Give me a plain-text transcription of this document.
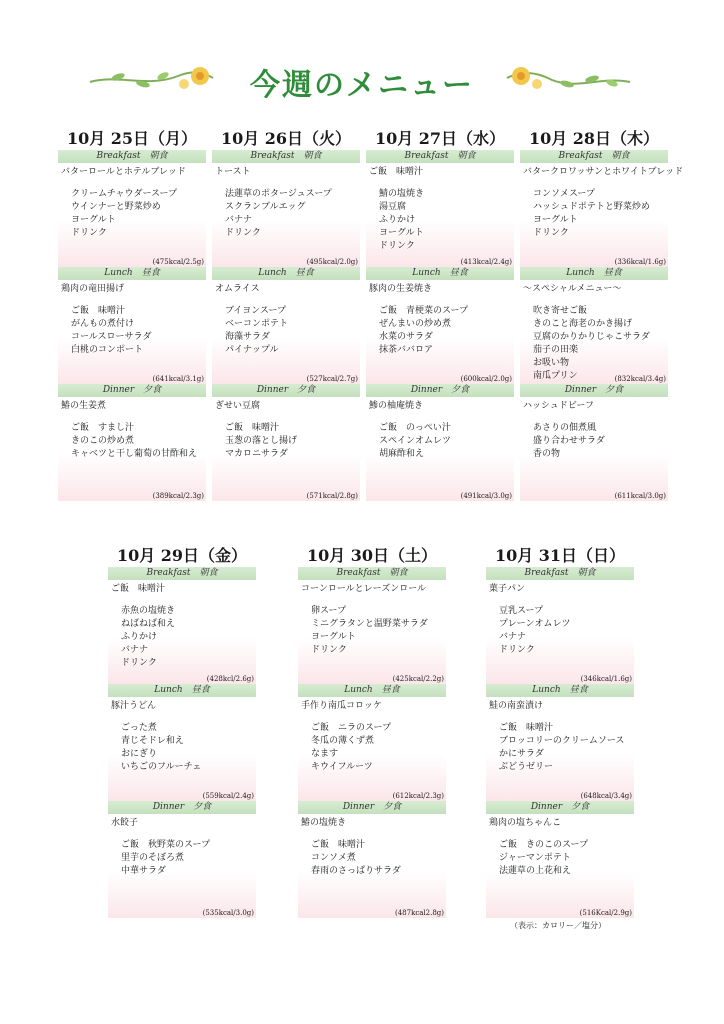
今週のメニュー
10月 25日（月）
Breakfast　朝食
バターロールとホテルブレッド
クリームチャウダースープ
ウインナーと野菜炒め
ヨーグルト
ドリンク
(475kcal/2.5g)
Lunch　昼食
鶏肉の竜田揚げ
ご飯　味噌汁
がんもの煮付け
コールスローサラダ
白桃のコンポート
(641kcal/3.1g)
Dinner　夕食
鰆の生姜煮
ご飯　すまし汁
きのこの炒め煮
キャベツと干し葡萄の甘酢和え
(389kcal/2.3g)
10月 26日（火）
Breakfast　朝食
トースト
法蓮草のポタージュスープ
スクランブルエッグ
バナナ
ドリンク
(495kcal/2.0g)
Lunch　昼食
オムライス
ブイヨンスープ
ベーコンポテト
海藻サラダ
パイナップル
(527kcal/2.7g)
Dinner　夕食
ぎせい豆腐
ご飯　味噌汁
玉葱の落とし揚げ
マカロニサラダ
(571kcal/2.8g)
10月 27日（水）
Breakfast　朝食
ご飯　味噌汁
鯖の塩焼き
湯豆腐
ふりかけ
ヨーグルト
ドリンク
(413kcal/2.4g)
Lunch　昼食
豚肉の生姜焼き
ご飯　青梗菜のスープ
ぜんまいの炒め煮
水菜のサラダ
抹茶ババロア
(600kcal/2.0g)
Dinner　夕食
鯵の柚庵焼き
ご飯　のっぺい汁
スペインオムレツ
胡麻酢和え
(491kcal/3.0g)
10月 28日（木）
Breakfast　朝食
バタークロワッサンとホワイトブレッド
コンソメスープ
ハッシュドポテトと野菜炒め
ヨーグルト
ドリンク
(336kcal/1.6g)
Lunch　昼食
～スペシャルメニュー～
吹き寄せご飯
きのこと海老のかき揚げ
豆腐のかりかりじゃこサラダ
茄子の田楽
お吸い物
南瓜プリン	(832kcal/3.4g)
Dinner　夕食
ハッシュドビーフ
あさりの佃煮風
盛り合わせサラダ
香の物
(611kcal/3.0g)
10月 29日（金）
Breakfast　朝食
ご飯　味噌汁
赤魚の塩焼き
ねばねば和え
ふりかけ
バナナ
ドリンク
(428kcl/2.6g)
Lunch　昼食
豚汁うどん
ごった煮
青じそドレ和え
おにぎり
いちごのフルーチェ
(559kcal/2.4g)
Dinner　夕食
水餃子
ご飯　秋野菜のスープ
里芋のそぼろ煮
中華サラダ
(535kcal/3.0g)
10月 30日（土）
Breakfast　朝食
コーンロールとレーズンロール
卵スープ
ミニグラタンと温野菜サラダ
ヨーグルト
ドリンク
(425kcal/2.2g)
Lunch　昼食
手作り南瓜コロッケ
ご飯　ニラのスープ
冬瓜の薄くず煮
なます
キウイフルーツ
(612kcal/2.3g)
Dinner　夕食
鰆の塩焼き
ご飯　味噌汁
コンソメ煮
春雨のさっぱりサラダ
(487kcal2.8g)
10月 31日（日）
Breakfast　朝食
菓子パン
豆乳スープ
プレーンオムレツ
バナナ
ドリンク
(346kcal/1.6g)
Lunch　昼食
鮭の南蛮漬け
ご飯　味噌汁
ブロッコリーのクリームソース
かにサラダ
ぶどうゼリー
(648kcal/3.4g)
Dinner　夕食
鶏肉の塩ちゃんこ
ご飯　きのこのスープ
ジャーマンポテト
法蓮草の上花和え
(516Kcal/2.9g)
（表示：カロリー／塩分）
